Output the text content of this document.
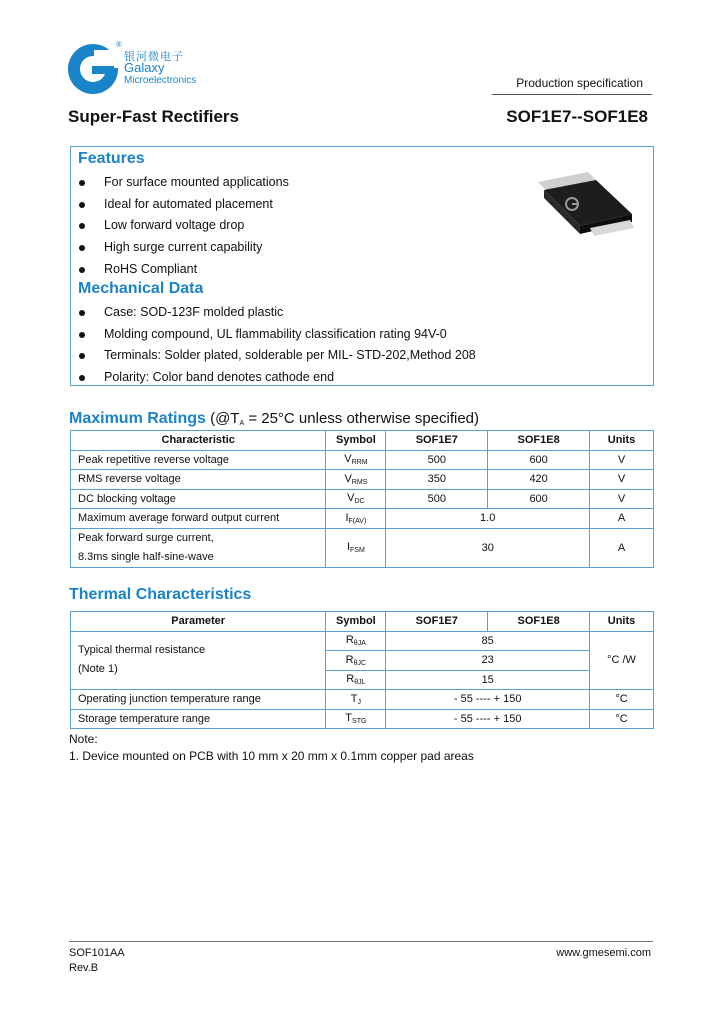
®
银河微电子
Galaxy
Microelectronics	Production specification
Super-Fast Rectifiers	SOF1E7--SOF1E8
Features
For surface mounted applications
Ideal for automated placement
Low forward voltage drop
High surge current capability
RoHS Compliant
Mechanical Data
Case: SOD-123F molded plastic
Molding compound, UL flammability classification rating 94V-0
Terminals: Solder plated, solderable per MIL- STD-202,Method 208
Polarity: Color band denotes cathode end
Maximum Ratings ($@T_A = 25^\circ C$ unless otherwise specified)
Characteristic	Symbol	SOF1E7	SOF1E8	Units
Peak repetitive reverse voltage	$V_{RRM}$	500	600	V
RMS reverse voltage	$V_{RMS}$	350	420	V
DC blocking voltage	$V_{DC}$	500	600	V
Maximum average forward output current	$I_{F(AV)}$	1.0		A
Peak forward surge current,
8.3ms single half-sine-wave	$I_{FSM}$	30		A
Thermal Characteristics
Parameter	Symbol	SOF1E7	SOF1E8	Units
Typical thermal resistance
(Note 1)	$R_{\theta JA}$	85		°C /W
	$R_{\theta JC}$	23		
	$R_{\theta JL}$	15		
Operating junction temperature range	$T_J$	- 55 ---- + 150		°C
Storage temperature range	$T_{STG}$	- 55 ---- + 150		°C
Note:
1. Device mounted on PCB with 10 mm x 20 mm x 0.1mm copper pad areas
SOF101AA
Rev.B
www.gmesemi.com
